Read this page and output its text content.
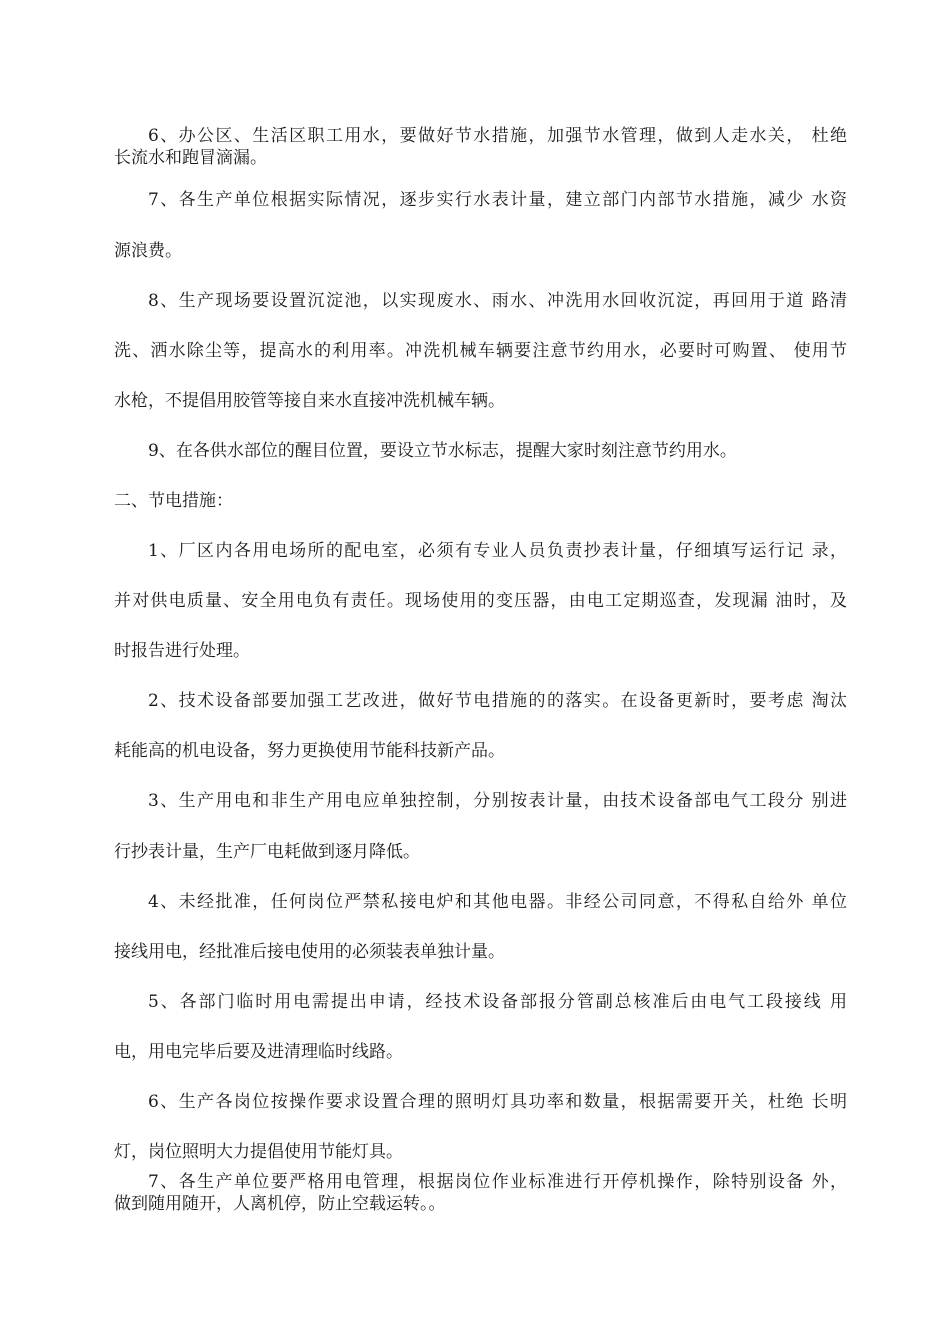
6、办公区、生活区职工用水，要做好节水措施，加强节水管理，做到人走水关， 杜绝
长流水和跑冒滴漏。
7、各生产单位根据实际情况，逐步实行水表计量，建立部门内部节水措施，减少 水资
源浪费。
8、生产现场要设置沉淀池，以实现废水、雨水、冲洗用水回收沉淀，再回用于道 路清
洗、洒水除尘等，提高水的利用率。冲洗机械车辆要注意节约用水，必要时可购置、 使用节
水枪，不提倡用胶管等接自来水直接冲洗机械车辆。
9、在各供水部位的醒目位置，要设立节水标志，提醒大家时刻注意节约用水。
二、节电措施：
1、厂区内各用电场所的配电室，必须有专业人员负责抄表计量，仔细填写运行记 录，
并对供电质量、安全用电负有责任。现场使用的变压器，由电工定期巡查，发现漏 油时，及
时报告进行处理。
2、技术设备部要加强工艺改进，做好节电措施的的落实。在设备更新时，要考虑 淘汰
耗能高的机电设备，努力更换使用节能科技新产品。
3、生产用电和非生产用电应单独控制，分别按表计量，由技术设备部电气工段分 别进
行抄表计量，生产厂电耗做到逐月降低。
4、未经批准，任何岗位严禁私接电炉和其他电器。非经公司同意，不得私自给外 单位
接线用电，经批准后接电使用的必须装表单独计量。
5、各部门临时用电需提出申请，经技术设备部报分管副总核准后由电气工段接线 用
电，用电完毕后要及进清理临时线路。
6、生产各岗位按操作要求设置合理的照明灯具功率和数量，根据需要开关，杜绝 长明
灯，岗位照明大力提倡使用节能灯具。
7、各生产单位要严格用电管理，根据岗位作业标准进行开停机操作，除特别设备 外，
做到随用随开，人离机停，防止空载运转。。
